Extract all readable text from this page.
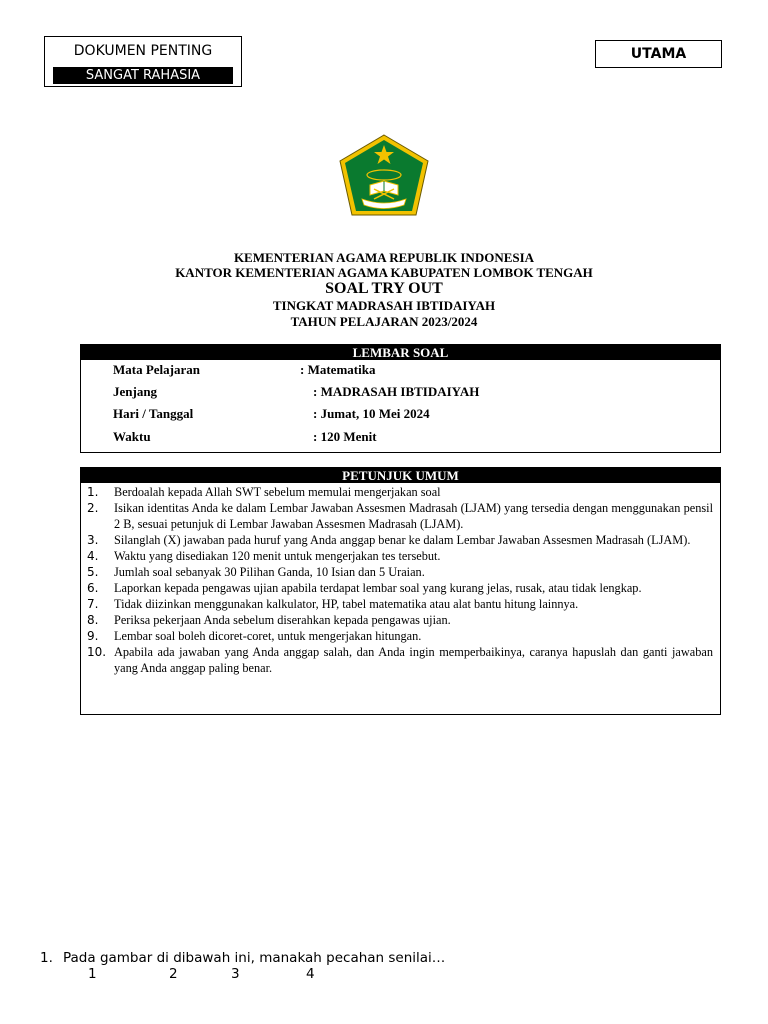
DOKUMEN PENTING
SANGAT RAHASIA
UTAMA
KEMENTERIAN AGAMA REPUBLIK INDONESIA
KANTOR KEMENTERIAN AGAMA KABUPATEN LOMBOK TENGAH
SOAL TRY OUT
TINGKAT MADRASAH IBTIDAIYAH
TAHUN PELAJARAN 2023/2024
LEMBAR SOAL
Mata Pelajaran	: Matematika
Jenjang	: MADRASAH IBTIDAIYAH
Hari / Tanggal	: Jumat, 10 Mei 2024
Waktu	: 120 Menit
PETUNJUK UMUM
1. Berdoalah kepada Allah SWT sebelum memulai mengerjakan soal
2. Isikan identitas Anda ke dalam Lembar Jawaban Assesmen Madrasah (LJAM) yang tersedia dengan menggunakan pensil 2 B, sesuai petunjuk di Lembar Jawaban Assesmen Madrasah (LJAM).
3. Silanglah (X) jawaban pada huruf yang Anda anggap benar ke dalam Lembar Jawaban Assesmen Madrasah (LJAM).
4. Waktu yang disediakan 120 menit untuk mengerjakan tes tersebut.
5. Jumlah soal sebanyak 30 Pilihan Ganda, 10 Isian dan 5 Uraian.
6. Laporkan kepada pengawas ujian apabila terdapat lembar soal yang kurang jelas, rusak, atau tidak lengkap.
7. Tidak diizinkan menggunakan kalkulator, HP, tabel matematika atau alat bantu hitung lainnya.
8. Periksa pekerjaan Anda sebelum diserahkan kepada pengawas ujian.
9. Lembar soal boleh dicoret-coret, untuk mengerjakan hitungan.
10. Apabila ada jawaban yang Anda anggap salah, dan Anda ingin memperbaikinya, caranya hapuslah dan ganti jawaban yang Anda anggap paling benar.
1. Pada gambar di dibawah ini, manakah pecahan senilai…
1	2	3	4
